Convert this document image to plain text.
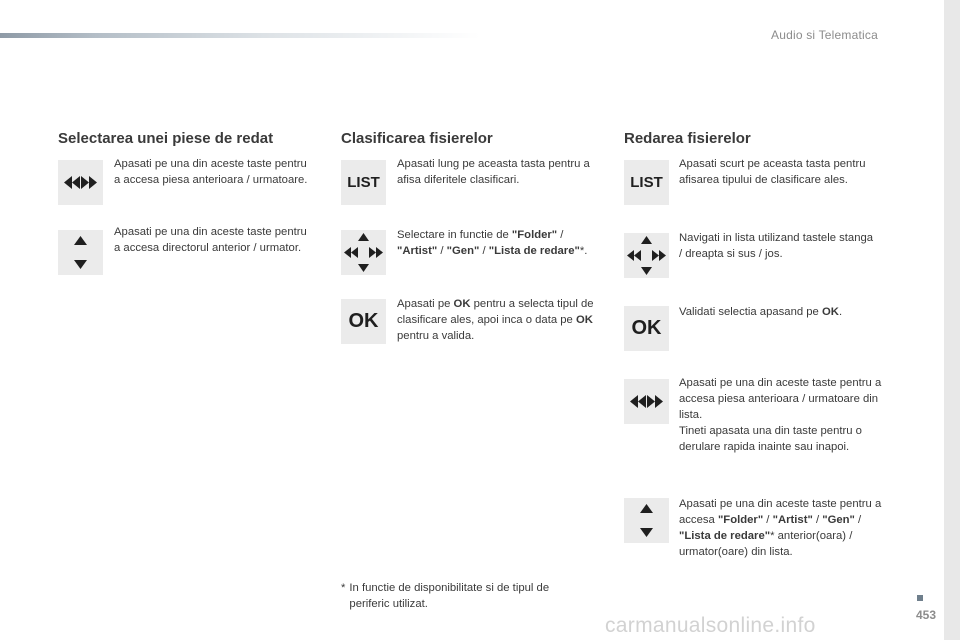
Audio si Telematica
Selectarea unei piese de redat
Apasati pe una din aceste taste pentru a accesa piesa anterioara / urmatoare.
Apasati pe una din aceste taste pentru a accesa directorul anterior / urmator.
Clasificarea fisierelor
LIST
Apasati lung pe aceasta tasta pentru a afisa diferitele clasificari.
Selectare in functie de "Folder" / "Artist" / "Gen" / "Lista de redare"*.
OK
Apasati pe OK pentru a selecta tipul de clasificare ales, apoi inca o data pe OK pentru a valida.
Redarea fisierelor
LIST
Apasati scurt pe aceasta tasta pentru afisarea tipului de clasificare ales.
Navigati in lista utilizand tastele stanga / dreapta si sus / jos.
OK
Validati selectia apasand pe OK.
Apasati pe una din aceste taste pentru a accesa piesa anterioara / urmatoare din lista.
Tineti apasata una din taste pentru o derulare rapida inainte sau inapoi.
Apasati pe una din aceste taste pentru a accesa "Folder" / "Artist" / "Gen" / "Lista de redare"* anterior(oara) / urmator(oare) din lista.
* In functie de disponibilitate si de tipul de periferic utilizat.
453
carmanualsonline.info
